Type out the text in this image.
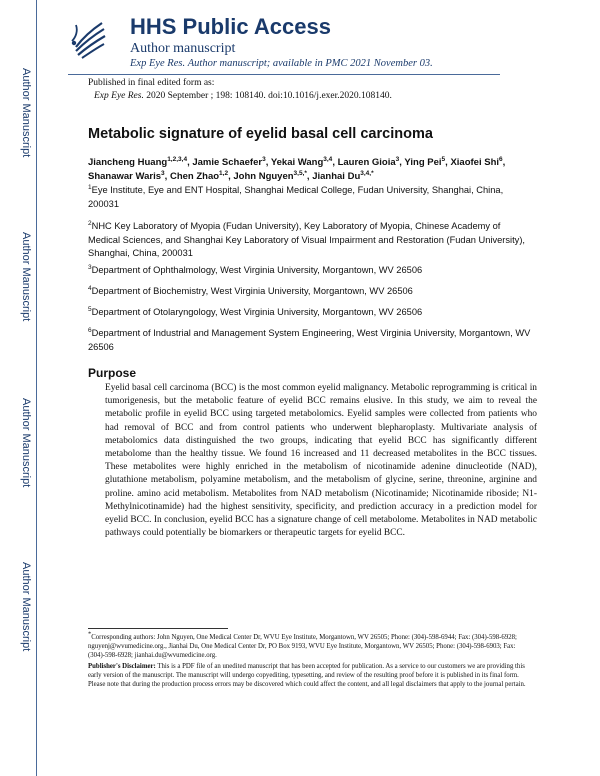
Author Manuscript
Author Manuscript
Author Manuscript
Author Manuscript
HHS Public Access
Author manuscript
Exp Eye Res. Author manuscript; available in PMC 2021 November 03.
Published in final edited form as:
Exp Eye Res. 2020 September ; 198: 108140. doi:10.1016/j.exer.2020.108140.
Metabolic signature of eyelid basal cell carcinoma
Jiancheng Huang$^{1,2,3,4}$, Jamie Schaefer$^3$, Yekai Wang$^{3,4}$, Lauren Gioia$^3$, Ying Pei$^5$, Xiaofei Shi$^6$, Shanawar Waris$^3$, Chen Zhao$^{1,2}$, John Nguyen$^{3,5,*}$, Jianhai $Du^{3,4,*}$
$^1$Eye Institute, Eye and ENT Hospital, Shanghai Medical College, Fudan University, Shanghai, China, 200031
$^2$NHC Key Laboratory of Myopia (Fudan University), Key Laboratory of Myopia, Chinese Academy of Medical Sciences, and Shanghai Key Laboratory of Visual Impairment and Restoration (Fudan University), Shanghai, China, 200031
$^3$Department of Ophthalmology, West Virginia University, Morgantown, WV 26506
$^4$Department of Biochemistry, West Virginia University, Morgantown, WV 26506
$^5$Department of Otolaryngology, West Virginia University, Morgantown, WV 26506
$^6$Department of Industrial and Management System Engineering, West Virginia University, Morgantown, WV 26506
Purpose
Eyelid basal cell carcinoma (BCC) is the most common eyelid malignancy. Metabolic reprogramming is critical in tumorigenesis, but the metabolic feature of eyelid BCC remains elusive. In this study, we aim to reveal the metabolic profile in eyelid BCC using targeted metabolomics. Eyelid samples were collected from patients who had removal of BCC and from control patients who underwent blepharoplasty. Multivariate analysis of metabolomics data distinguished the two groups, indicating that eyelid BCC has significantly different metabolome than the healthy tissue. We found 16 increased and 11 decreased metabolites in the BCC tissues. These metabolites were highly enriched in the metabolism of nicotinamide adenine dinucleotide (NAD), glutathione metabolism, polyamine metabolism, and the metabolism of glycine, serine, threonine, arginine and proline. amino acid metabolism. Metabolites from NAD metabolism (Nicotinamide; Nicotinamide riboside; N1-Methylnicotinamide) had the highest sensitivity, specificity, and prediction accuracy in a prediction model for eyelid BCC. In conclusion, eyelid BCC has a signature change of cell metabolome. Metabolites in NAD metabolic pathways could potentially be biomarkers or therapeutic targets for eyelid BCC.
*Corresponding authors: John Nguyen, One Medical Center Dr, WVU Eye Institute, Morgantown, WV 26505; Phone: (304)-598-6944; Fax: (304)-598-6928; nguyenj@wvumedicine.org., Jianhai Du, One Medical Center Dr, PO Box 9193, WVU Eye Institute, Morgantown, WV 26505; Phone: (304)-598-6903; Fax: (304)-598-6928; jianhai.du@wvumedicine.org.
Publisher's Disclaimer: This is a PDF file of an unedited manuscript that has been accepted for publication. As a service to our customers we are providing this early version of the manuscript. The manuscript will undergo copyediting, typesetting, and review of the resulting proof before it is published in its final form. Please note that during the production process errors may be discovered which could affect the content, and all legal disclaimers that apply to the journal pertain.
